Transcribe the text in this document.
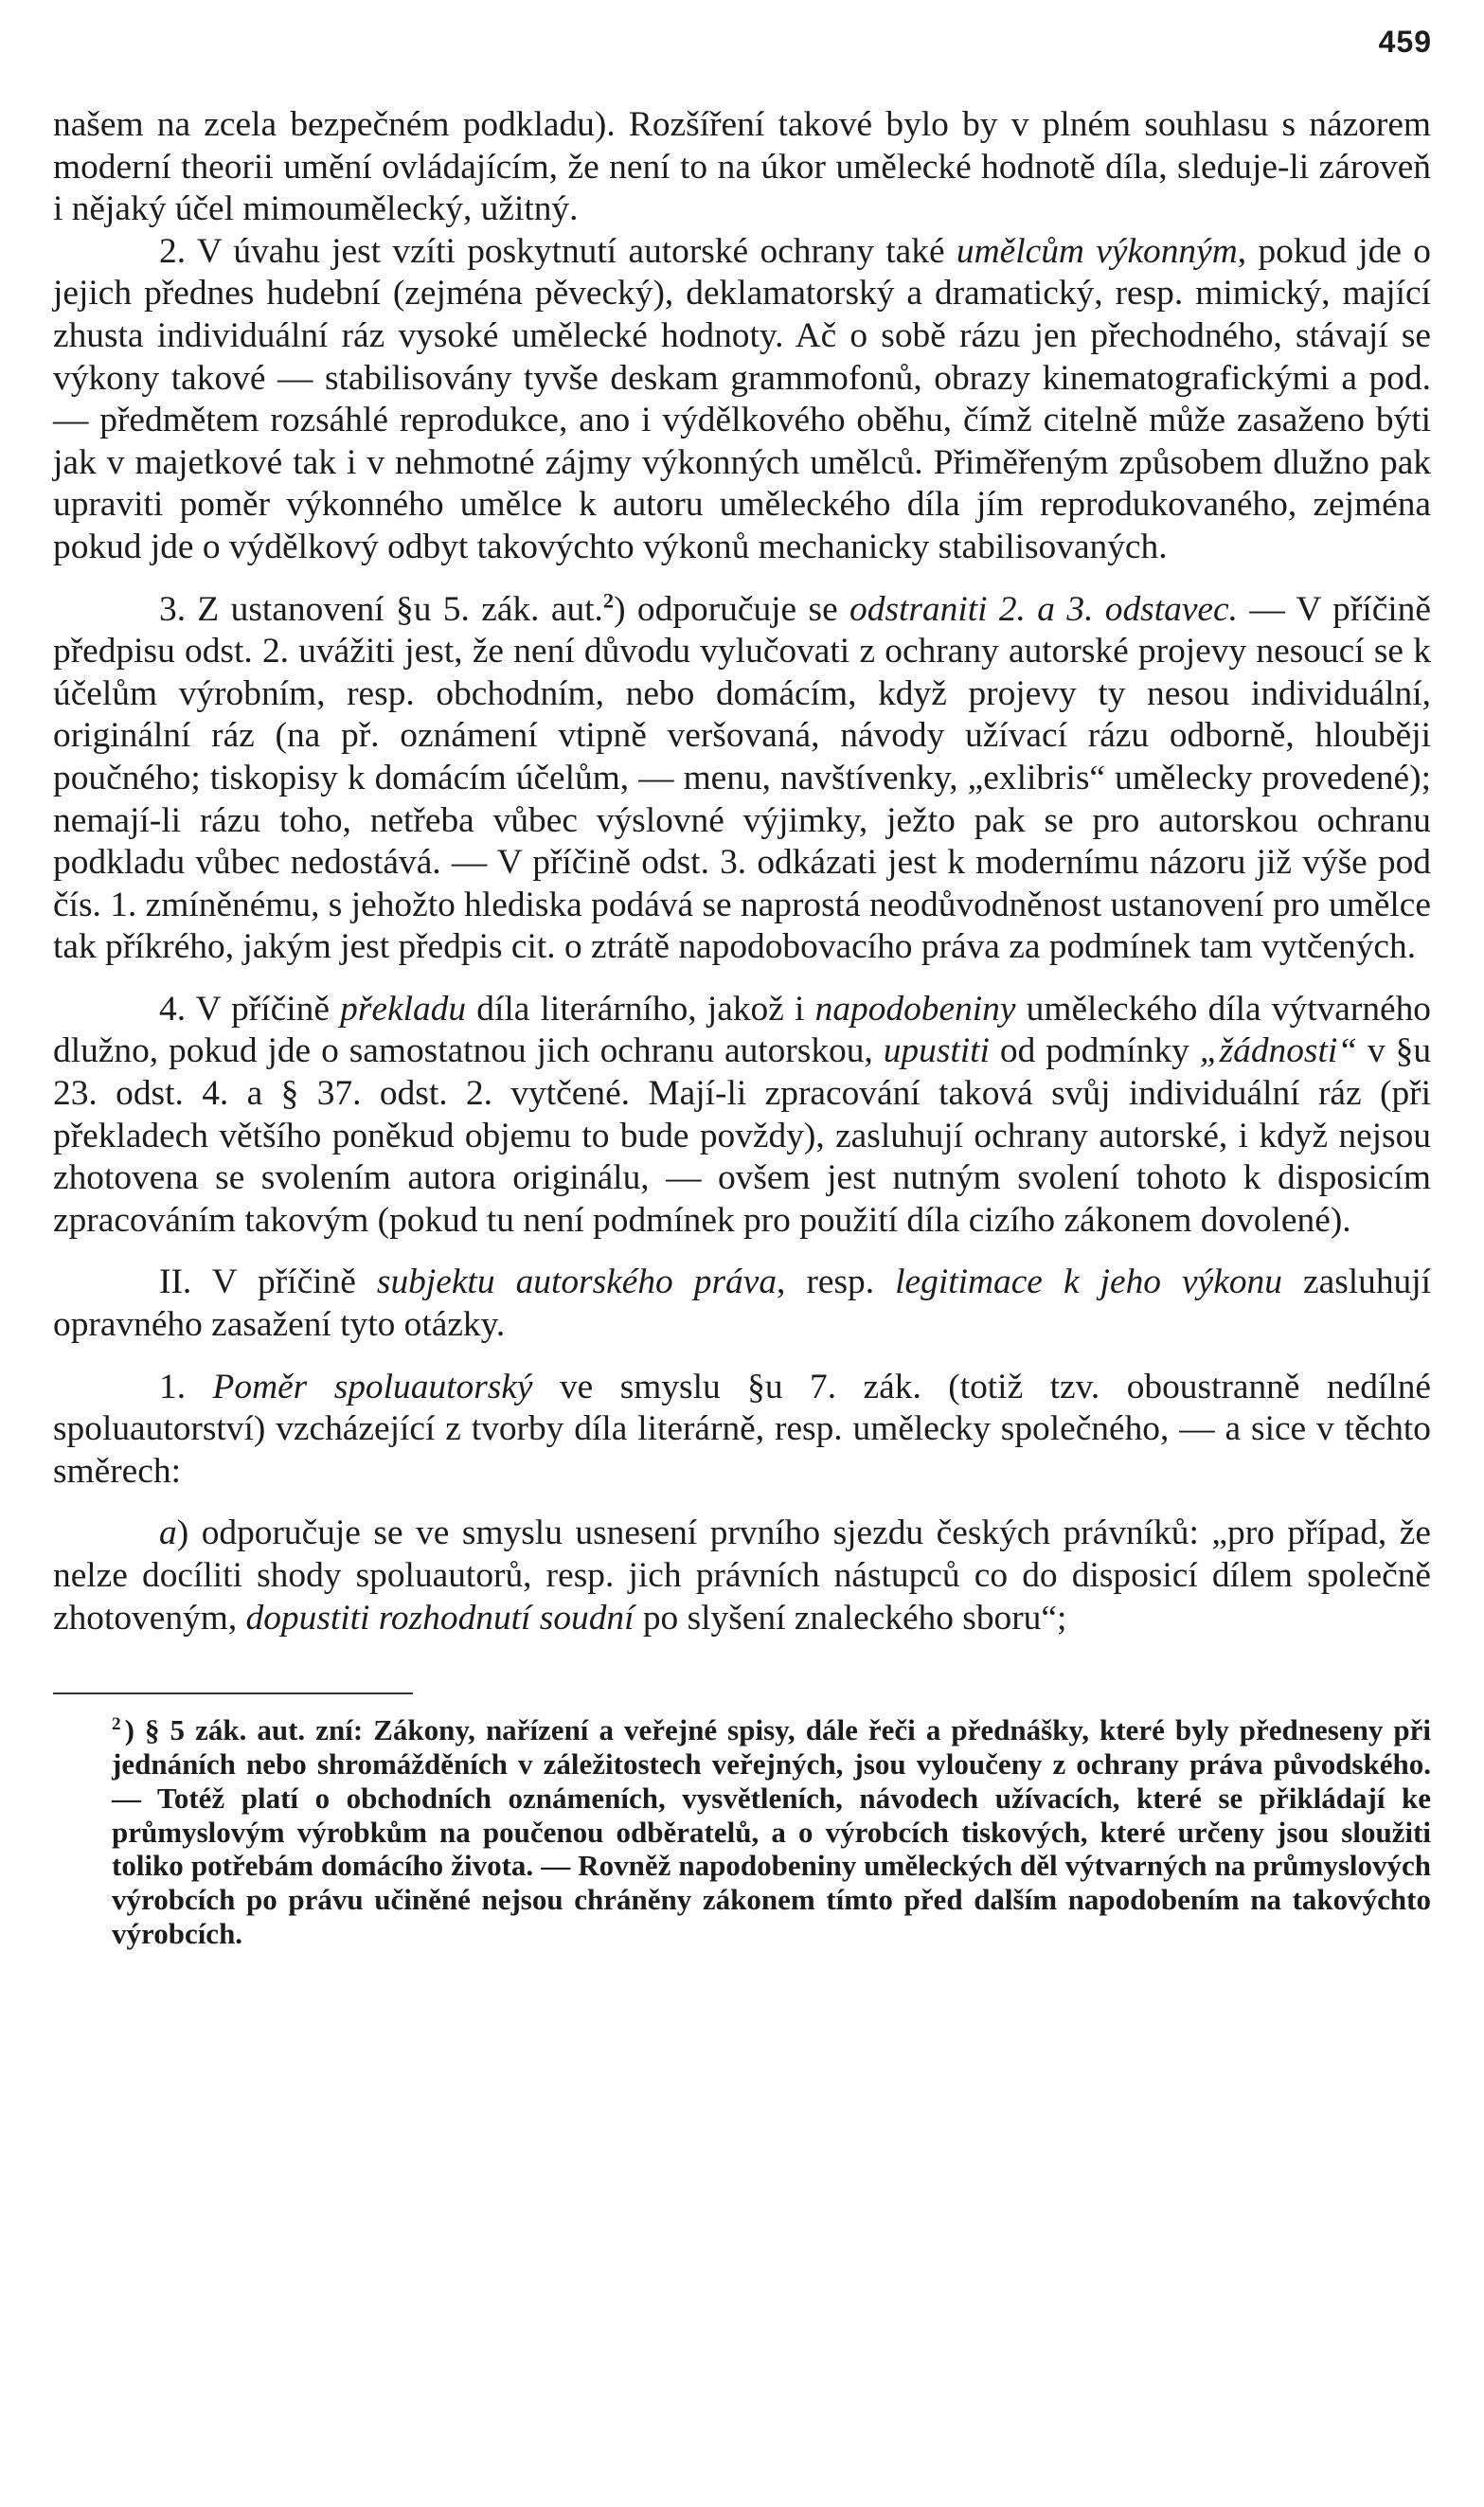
459

našem na zcela bezpečném podkladu). Rozšíření takové bylo by v plném souhlasu s názorem moderní theorii umění ovládajícím, že není to na úkor umělecké hodnotě díla, sleduje-li zároveň i nějaký účel mimoumělecký, užitný.

2. V úvahu jest vzíti poskytnutí autorské ochrany také umělcům výkonným, pokud jde o jejich přednes hudební (zejména pěvecký), deklamatorský a dramatický, resp. mimický, mající zhusta individuální ráz vysoké umělecké hodnoty. Ač o sobě rázu jen přechodného, stávají se výkony takové — stabilisovány tyvše deskam grammofonů, obrazy kinematografickými a pod. — předmětem rozsáhlé reprodukce, ano i výdělkového oběhu, čímž citelně může zasaženo býti jak v majetkové tak i v nehmotné zájmy výkonných umělců. Přiměřeným způsobem dlužno pak upraviti poměr výkonného umělce k autoru uměleckého díla jím reprodukovaného, zejména pokud jde o výdělkový odbyt takovýchto výkonů mechanicky stabilisovaných.

3. Z ustanovení §u 5. zák. aut.$^2$) odporučuje se odstraniti 2. a 3. odstavec. — V příčině předpisu odst. 2. uvážiti jest, že není důvodu vylučovati z ochrany autorské projevy nesoucí se k účelům výrobním, resp. obchodním, nebo domácím, když projevy ty nesou individuální, originální ráz (na př. oznámení vtipně veršovaná, návody užívací rázu odborně, hlouběji poučného; tiskopisy k domácím účelům, — menu, navštívenky, „exlibris“ umělecky provedené); nemají-li rázu toho, netřeba vůbec výslovné výjimky, ježto pak se pro autorskou ochranu podkladu vůbec nedostává. — V příčině odst. 3. odkázati jest k modernímu názoru již výše pod čís. 1. zmíněnému, s jehožto hlediska podává se naprostá neodůvodněnost ustanovení pro umělce tak příkrého, jakým jest předpis cit. o ztrátě napodobovacího práva za podmínek tam vytčených.

4. V příčině překladu díla literárního, jakož i napodobeniny uměleckého díla výtvarného dlužno, pokud jde o samostatnou jich ochranu autorskou, upustiti od podmínky „žádnosti“ v §u 23. odst. 4. a § 37. odst. 2. vytčené. Mají-li zpracování taková svůj individuální ráz (při překladech většího poněkud objemu to bude povždy), zasluhují ochrany autorské, i když nejsou zhotovena se svolením autora originálu, — ovšem jest nutným svolení tohoto k disposicím zpracováním takovým (pokud tu není podmínek pro použití díla cizího zákonem dovolené).

II. V příčině subjektu autorského práva, resp. legitimace k jeho výkonu zasluhují opravného zasažení tyto otázky.

1. Poměr spoluautorský ve smyslu §u 7. zák. (totiž tzv. oboustranně nedílné spoluautorství) vzcházející z tvorby díla literárně, resp. umělecky společného, — a sice v těchto směrech:

a) odporučuje se ve smyslu usnesení prvního sjezdu českých právníků: „pro případ, že nelze docíliti shody spoluautorů, resp. jich právních nástupců co do disposicí dílem společně zhotoveným, dopustiti rozhodnutí soudní po slyšení znaleckého sboru“;

$^2$ ) § 5 zák. aut. zní: Zákony, nařízení a veřejné spisy, dále řeči a přednášky, které byly předneseny při jednáních nebo shromážděních v záležitostech veřejných, jsou vyloučeny z ochrany práva původského. — Totéž platí o obchodních oznámeních, vysvětleních, návodech užívacích, které se přikládají ke průmyslovým výrobkům na poučenou odběratelů, a o výrobcích tiskových, které určeny jsou sloužiti toliko potřebám domácího života. — Rovněž napodobeniny uměleckých děl výtvarných na průmyslových výrobcích po právu učiněné nejsou chráněny zákonem tímto před dalším napodobením na takovýchto výrobcích.
